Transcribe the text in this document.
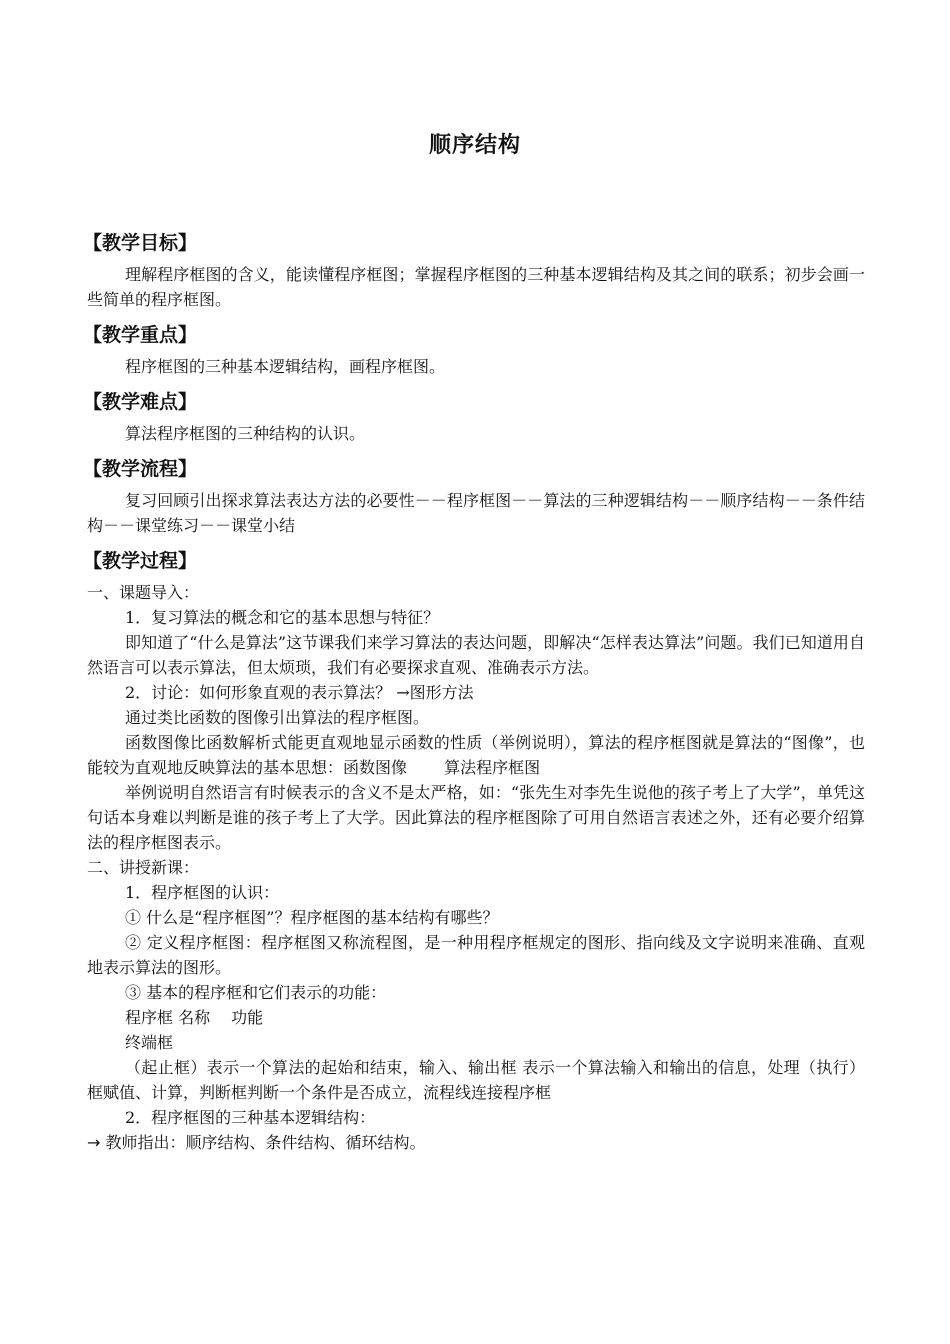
顺序结构
【教学目标】

理解程序框图的含义，能读懂程序框图；掌握程序框图的三种基本逻辑结构及其之间的联系；初步会画一些简单的程序框图。

【教学重点】

程序框图的三种基本逻辑结构，画程序框图。

【教学难点】

算法程序框图的三种结构的认识。

【教学流程】

复习回顾引出探求算法表达方法的必要性－－程序框图－－算法的三种逻辑结构－－顺序结构－－条件结构－－课堂练习－－课堂小结

【教学过程】

一、课题导入：

1．复习算法的概念和它的基本思想与特征？

即知道了“什么是算法”这节课我们来学习算法的表达问题，即解决“怎样表达算法”问题。我们已知道用自然语言可以表示算法，但太烦琐，我们有必要探求直观、准确表示方法。

2．讨论：如何形象直观的表示算法？ →图形方法

通过类比函数的图像引出算法的程序框图。

函数图像比函数解析式能更直观地显示函数的性质（举例说明），算法的程序框图就是算法的“图像”，也能较为直观地反映算法的基本思想：函数图像　　 算法程序框图

举例说明自然语言有时候表示的含义不是太严格，如：“张先生对李先生说他的孩子考上了大学”，单凭这句话本身难以判断是谁的孩子考上了大学。因此算法的程序框图除了可用自然语言表述之外，还有必要介绍算法的程序框图表示。

二、讲授新课：

1．程序框图的认识：

① 什么是“程序框图”？程序框图的基本结构有哪些？

② 定义程序框图：程序框图又称流程图，是一种用程序框规定的图形、指向线及文字说明来准确、直观地表示算法的图形。

③ 基本的程序框和它们表示的功能：

程序框 名称　 功能

终端框

（起止框）表示一个算法的起始和结束，输入、输出框 表示一个算法输入和输出的信息，处理（执行）框赋值、计算，判断框判断一个条件是否成立，流程线连接程序框

2．程序框图的三种基本逻辑结构：

→ 教师指出：顺序结构、条件结构、循环结构。
